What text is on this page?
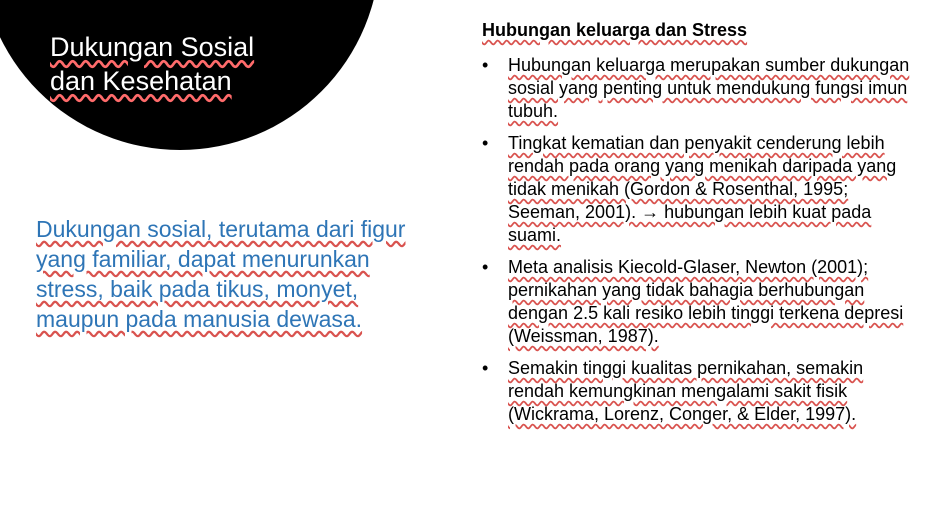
Dukungan Sosial
dan Kesehatan

Dukungan sosial, terutama dari figur yang familiar, dapat menurunkan stress, baik pada tikus, monyet, maupun pada manusia dewasa.

Hubungan keluarga dan Stress

• Hubungan keluarga merupakan sumber dukungan sosial yang penting untuk mendukung fungsi imun tubuh.
• Tingkat kematian dan penyakit cenderung lebih rendah pada orang yang menikah daripada yang tidak menikah (Gordon & Rosenthal, 1995; Seeman, 2001). → hubungan lebih kuat pada suami.
• Meta analisis Kiecold-Glaser, Newton (2001); pernikahan yang tidak bahagia berhubungan dengan 2.5 kali resiko lebih tinggi terkena depresi (Weissman, 1987).
• Semakin tinggi kualitas pernikahan, semakin rendah kemungkinan mengalami sakit fisik (Wickrama, Lorenz, Conger, & Elder, 1997).
